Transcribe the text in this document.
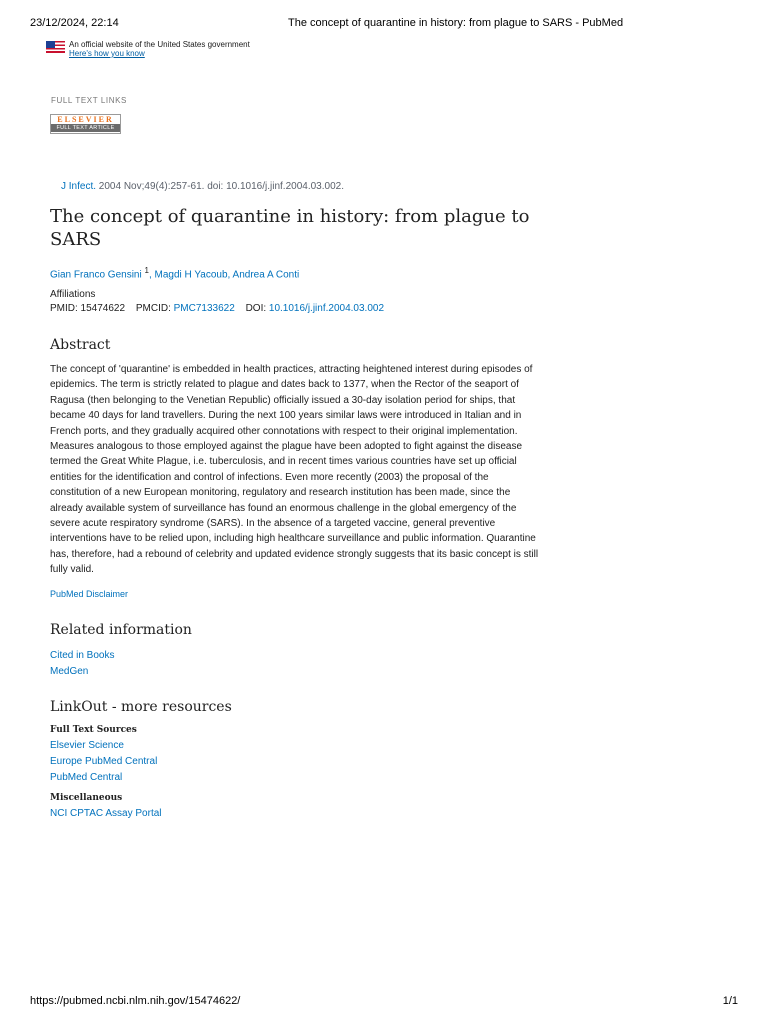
23/12/2024, 22:14	The concept of quarantine in history: from plague to SARS - PubMed
An official website of the United States government
Here's how you know
FULL TEXT LINKS
ELSEVIER
FULL TEXT ARTICLE
J Infect. 2004 Nov;49(4):257-61. doi: 10.1016/j.jinf.2004.03.002.
The concept of quarantine in history: from plague to SARS
Gian Franco Gensini $^1$, Magdi H Yacoub, Andrea A Conti
Affiliations
PMID: 15474622 PMCID: PMC7133622 DOI: 10.1016/j.jinf.2004.03.002
Abstract

The concept of 'quarantine' is embedded in health practices, attracting heightened interest during episodes of epidemics. The term is strictly related to plague and dates back to 1377, when the Rector of the seaport of Ragusa (then belonging to the Venetian Republic) officially issued a 30-day isolation period for ships, that became 40 days for land travellers. During the next 100 years similar laws were introduced in Italian and in French ports, and they gradually acquired other connotations with respect to their original implementation. Measures analogous to those employed against the plague have been adopted to fight against the disease termed the Great White Plague, i.e. tuberculosis, and in recent times various countries have set up official entities for the identification and control of infections. Even more recently (2003) the proposal of the constitution of a new European monitoring, regulatory and research institution has been made, since the already available system of surveillance has found an enormous challenge in the global emergency of the severe acute respiratory syndrome (SARS). In the absence of a targeted vaccine, general preventive interventions have to be relied upon, including high healthcare surveillance and public information. Quarantine has, therefore, had a rebound of celebrity and updated evidence strongly suggests that its basic concept is still fully valid.

PubMed Disclaimer
Related information
Cited in Books
MedGen
LinkOut - more resources
Full Text Sources
Elsevier Science
Europe PubMed Central
PubMed Central
Miscellaneous
NCI CPTAC Assay Portal
https://pubmed.ncbi.nlm.nih.gov/15474622/	1/1
